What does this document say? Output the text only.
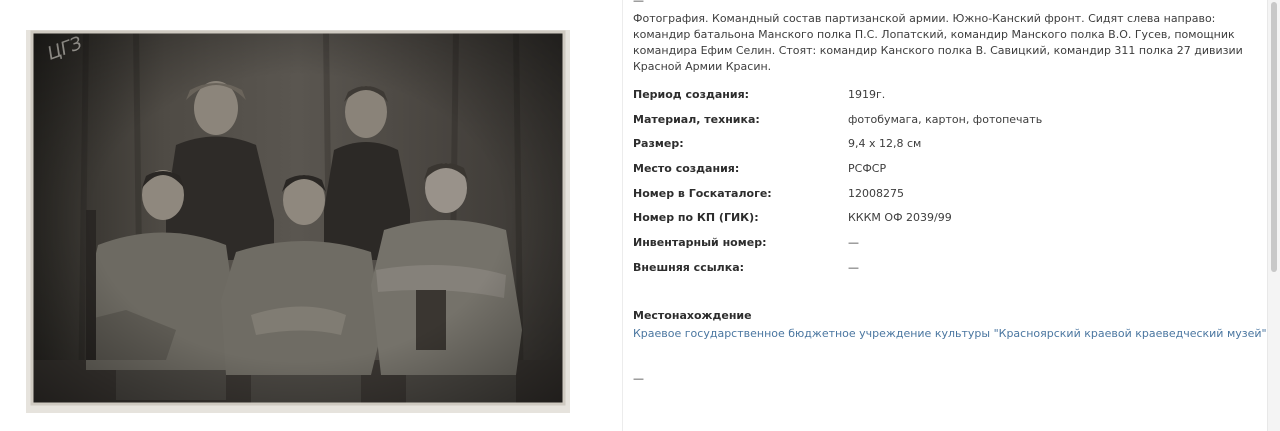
—
Фотография. Командный состав партизанской армии. Южно-Канский фронт. Сидят слева направо: командир батальона Манского полка П.С. Лопатский, командир Манского полка В.О. Гусев, помощник командира Ефим Селин. Стоят: командир Канского полка В. Савицкий, командир 311 полка 27 дивизии Красной Армии Красин.
Период создания:	1919г.
Материал, техника:	фотобумага, картон, фотопечать
Размер:	9,4 х 12,8 см
Место создания:	РСФСР
Номер в Госкаталоге:	12008275
Номер по КП (ГИК):	КККМ ОФ 2039/99
Инвентарный номер:	—
Внешняя ссылка:	—
Местонахождение
Краевое государственное бюджетное учреждение культуры "Красноярский краевой краеведческий музей"
—
